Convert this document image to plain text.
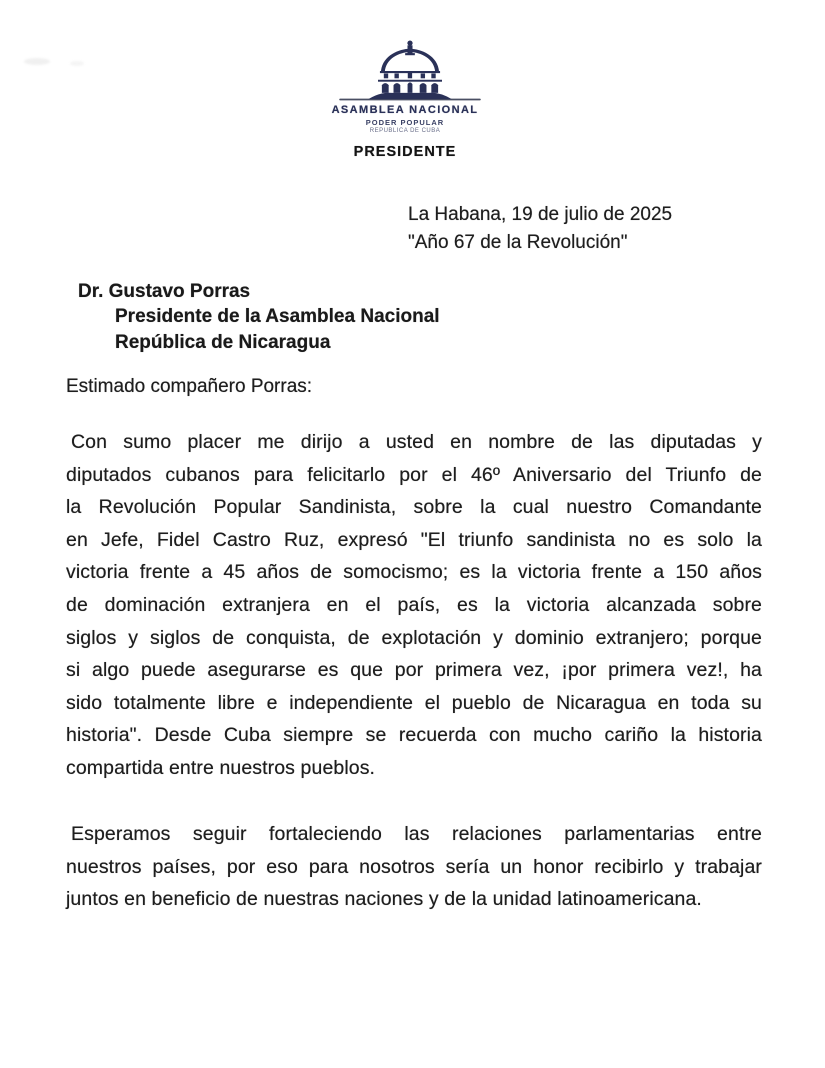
ASAMBLEA NACIONAL
PODER POPULAR
REPÚBLICA DE CUBA
PRESIDENTE
La Habana, 19 de julio de 2025
"Año 67 de la Revolución"
Dr. Gustavo Porras
Presidente de la Asamblea Nacional
República de Nicaragua
Estimado compañero Porras:
Con sumo placer me dirijo a usted en nombre de las diputadas y
diputados cubanos para felicitarlo por el 46º Aniversario del Triunfo de
la Revolución Popular Sandinista, sobre la cual nuestro Comandante
en Jefe, Fidel Castro Ruz, expresó "El triunfo sandinista no es solo la
victoria frente a 45 años de somocismo; es la victoria frente a 150 años
de dominación extranjera en el país, es la victoria alcanzada sobre
siglos y siglos de conquista, de explotación y dominio extranjero; porque
si algo puede asegurarse es que por primera vez, ¡por primera vez!, ha
sido totalmente libre e independiente el pueblo de Nicaragua en toda su
historia". Desde Cuba siempre se recuerda con mucho cariño la historia
compartida entre nuestros pueblos.
Esperamos seguir fortaleciendo las relaciones parlamentarias entre
nuestros países, por eso para nosotros sería un honor recibirlo y trabajar
juntos en beneficio de nuestras naciones y de la unidad latinoamericana.
